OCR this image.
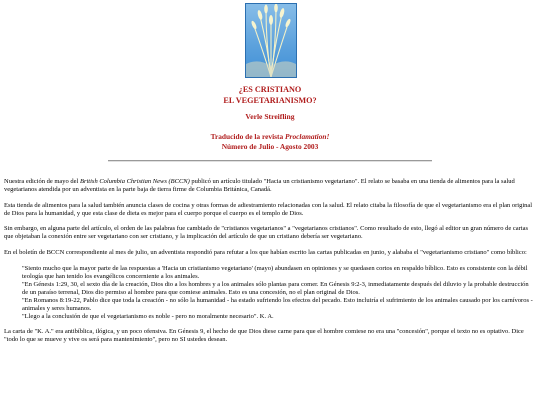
¿ES CRISTIANO
EL VEGETARIANISMO?
Verle Streifling
Traducido de la revista Proclamation!
Número de Julio - Agosto 2003

Nuestra edición de mayo del British Columbia Christian News (BCCN) publicó un artículo titulado "Hacia un cristianismo vegetariano". El relato se basaba en una tienda de alimentos para la salud vegetarianos atendida por un adventista en la parte baja de tierra firme de Columbia Británica, Canadá.

Esta tienda de alimentos para la salud también anuncia clases de cocina y otras formas de adiestramiento relacionadas con la salud. El relato citaba la filosofía de que el vegetarianismo era el plan original de Dios para la humanidad, y que esta clase de dieta es mejor para el cuerpo porque el cuerpo es el templo de Dios.

Sin embargo, en alguna parte del artículo, el orden de las palabras fue cambiado de "cristianos vegetarianos" a "vegetarianos cristianos". Como resultado de esto, llegó al editor un gran número de cartas que objetaban la conexión entre ser vegetariano con ser cristiano, y la implicación del artículo de que un cristiano debería ser vegetariano.

En el boletín de BCCN correspondiente al mes de julio, un adventista respondió para refutar a los que habían escrito las cartas publicadas en junio, y alababa el "vegetarianismo cristiano" como bíblico:

"Siento mucho que la mayor parte de las respuestas a 'Hacia un cristianismo vegetariano' (mayo) abundasen en opiniones y se quedasen cortos en respaldo bíblico. Esto es consistente con la débil teología que han tenido los evangélicos concerniente a los animales.
"En Génesis 1:29, 30, el sexto día de la creación, Dios dio a los hombres y a los animales sólo plantas para comer. En Génesis 9:2-3, inmediatamente después del diluvio y la probable destrucción de un paraíso terrenal, Dios dio permiso al hombre para que comiese animales. Esto es una concesión, no el plan original de Dios.
"En Romanos 8:19-22, Pablo dice que toda la creación - no sólo la humanidad - ha estado sufriendo los efectos del pecado. Esto incluiría el sufrimiento de los animales causado por los carnívoros - animales y seres humanos.
"Llego a la conclusión de que el vegetarianismo es noble - pero no moralmente necesario". K. A.

La carta de "K. A." era antibíblica, ilógica, y un poco ofensiva. En Génesis 9, el hecho de que Dios diese carne para que el hombre comiese no era una "concesión", porque el texto no es optativo. Dice "todo lo que se mueve y vive os será para mantenimiento", pero no SI ustedes desean.
